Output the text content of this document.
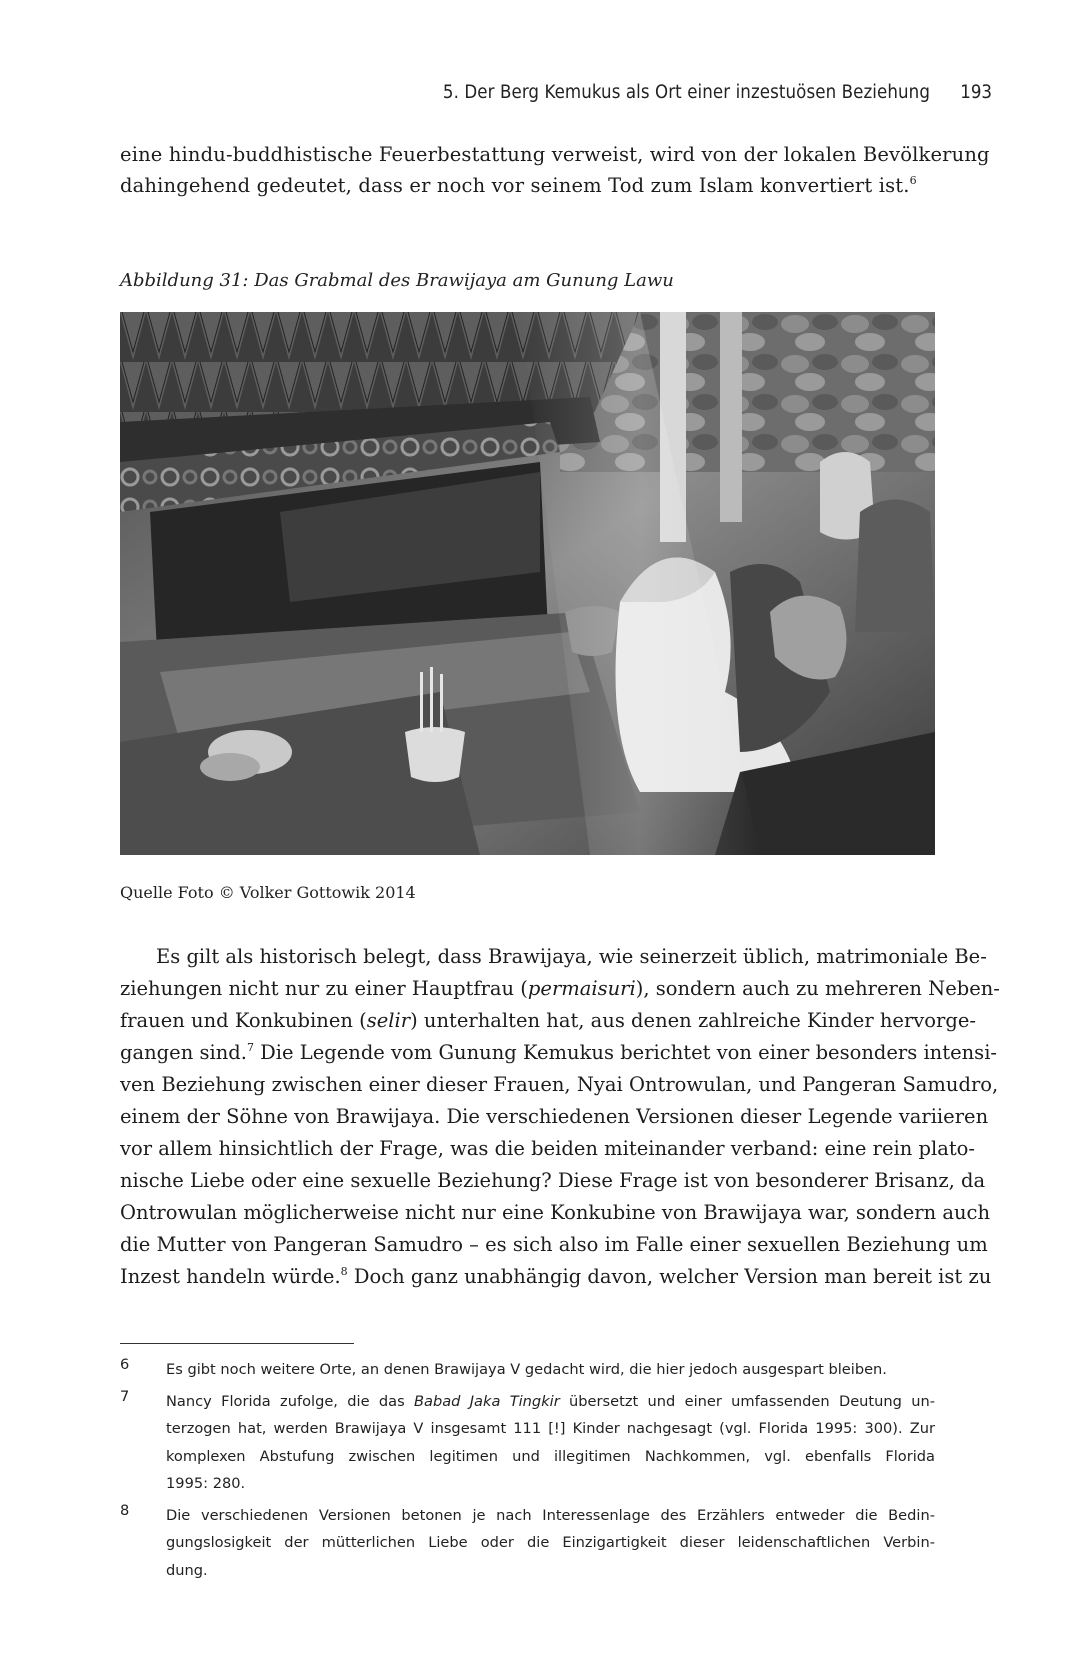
5. Der Berg Kemukus als Ort einer inzestuösen Beziehung 193

eine hindu-buddhistische Feuerbestattung verweist, wird von der lokalen Bevölkerung
dahingehend gedeutet, dass er noch vor seinem Tod zum Islam konvertiert ist.$^6$

Abbildung 31: Das Grabmal des Brawijaya am Gunung Lawu

Quelle Foto © Volker Gottowik 2014

Es gilt als historisch belegt, dass Brawijaya, wie seinerzeit üblich, matrimoniale Be-
ziehungen nicht nur zu einer Hauptfrau (permaisuri), sondern auch zu mehreren Neben-
frauen und Konkubinen (selir) unterhalten hat, aus denen zahlreiche Kinder hervorge-
gangen sind.$^7$ Die Legende vom Gunung Kemukus berichtet von einer besonders intensi-
ven Beziehung zwischen einer dieser Frauen, Nyai Ontrowulan, und Pangeran Samudro,
einem der Söhne von Brawijaya. Die verschiedenen Versionen dieser Legende variieren
vor allem hinsichtlich der Frage, was die beiden miteinander verband: eine rein plato-
nische Liebe oder eine sexuelle Beziehung? Diese Frage ist von besonderer Brisanz, da
Ontrowulan möglicherweise nicht nur eine Konkubine von Brawijaya war, sondern auch
die Mutter von Pangeran Samudro – es sich also im Falle einer sexuellen Beziehung um
Inzest handeln würde.$^8$ Doch ganz unabhängig davon, welcher Version man bereit ist zu

6	Es gibt noch weitere Orte, an denen Brawijaya V gedacht wird, die hier jedoch ausgespart bleiben.
7	Nancy Florida zufolge, die das Babad Jaka Tingkir übersetzt und einer umfassenden Deutung un-
terzogen hat, werden Brawijaya V insgesamt 111 [!] Kinder nachgesagt (vgl. Florida 1995: 300). Zur
komplexen Abstufung zwischen legitimen und illegitimen Nachkommen, vgl. ebenfalls Florida
1995: 280.
8	Die verschiedenen Versionen betonen je nach Interessenlage des Erzählers entweder die Bedin-
gungslosigkeit der mütterlichen Liebe oder die Einzigartigkeit dieser leidenschaftlichen Verbin-
dung.
